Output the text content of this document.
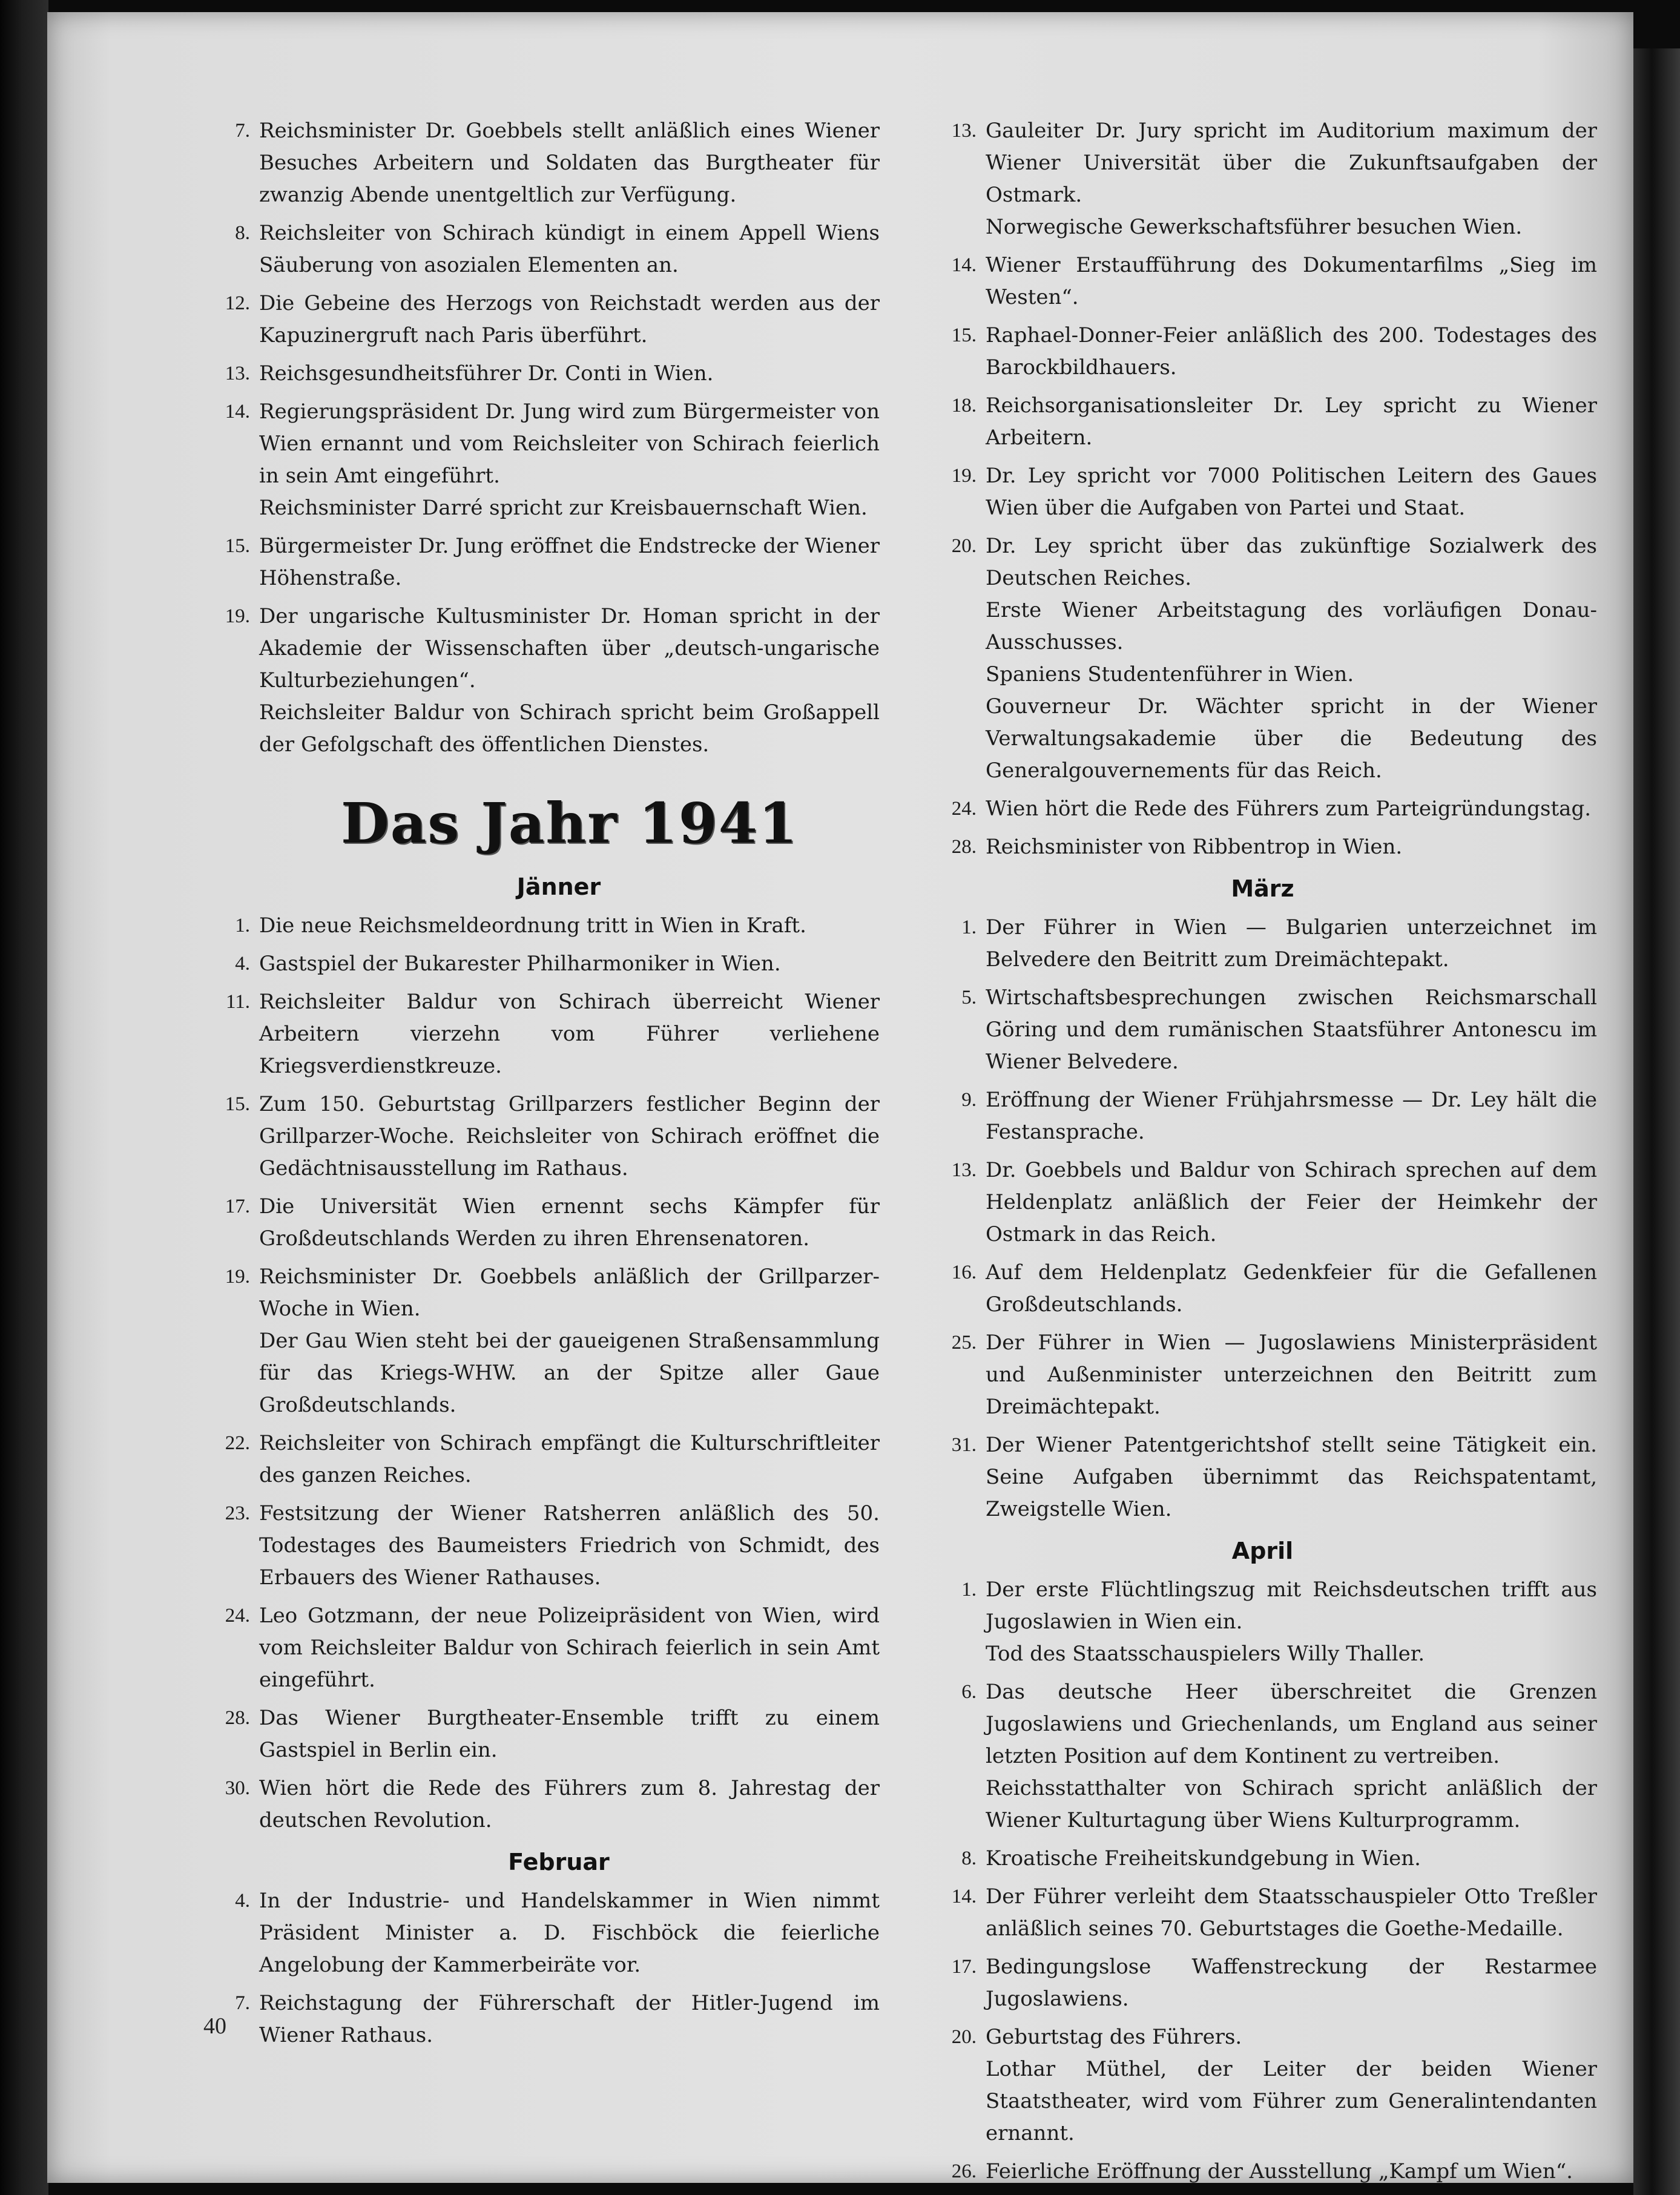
7. Reichsminister Dr. Goebbels stellt anläßlich eines Wiener Besuches Arbeitern und Soldaten das Burgtheater für zwanzig Abende unentgeltlich zur Verfügung.
8. Reichsleiter von Schirach kündigt in einem Appell Wiens Säuberung von asozialen Elementen an.
12. Die Gebeine des Herzogs von Reichstadt werden aus der Kapuzinergruft nach Paris überführt.
13. Reichsgesundheitsführer Dr. Conti in Wien.
14. Regierungspräsident Dr. Jung wird zum Bürgermeister von Wien ernannt und vom Reichsleiter von Schirach feierlich in sein Amt eingeführt.
Reichsminister Darré spricht zur Kreisbauernschaft Wien.
15. Bürgermeister Dr. Jung eröffnet die Endstrecke der Wiener Höhenstraße.
19. Der ungarische Kultusminister Dr. Homan spricht in der Akademie der Wissenschaften über „deutsch-ungarische Kulturbeziehungen“.
Reichsleiter Baldur von Schirach spricht beim Großappell der Gefolgschaft des öffentlichen Dienstes.
Das Jahr 1941
Jänner
1. Die neue Reichsmeldeordnung tritt in Wien in Kraft.
4. Gastspiel der Bukarester Philharmoniker in Wien.
11. Reichsleiter Baldur von Schirach überreicht Wiener Arbeitern vierzehn vom Führer verliehene Kriegsverdienstkreuze.
15. Zum 150. Geburtstag Grillparzers festlicher Beginn der Grillparzer-Woche. Reichsleiter von Schirach eröffnet die Gedächtnisausstellung im Rathaus.
17. Die Universität Wien ernennt sechs Kämpfer für Großdeutschlands Werden zu ihren Ehrensenatoren.
19. Reichsminister Dr. Goebbels anläßlich der Grillparzer-Woche in Wien.
Der Gau Wien steht bei der gaueigenen Straßensammlung für das Kriegs-WHW. an der Spitze aller Gaue Großdeutschlands.
22. Reichsleiter von Schirach empfängt die Kulturschriftleiter des ganzen Reiches.
23. Festsitzung der Wiener Ratsherren anläßlich des 50. Todestages des Baumeisters Friedrich von Schmidt, des Erbauers des Wiener Rathauses.
24. Leo Gotzmann, der neue Polizeipräsident von Wien, wird vom Reichsleiter Baldur von Schirach feierlich in sein Amt eingeführt.
28. Das Wiener Burgtheater-Ensemble trifft zu einem Gastspiel in Berlin ein.
30. Wien hört die Rede des Führers zum 8. Jahrestag der deutschen Revolution.
Februar
4. In der Industrie- und Handelskammer in Wien nimmt Präsident Minister a. D. Fischböck die feierliche Angelobung der Kammerbeiräte vor.
7. Reichstagung der Führerschaft der Hitler-Jugend im Wiener Rathaus.
13. Gauleiter Dr. Jury spricht im Auditorium maximum der Wiener Universität über die Zukunftsaufgaben der Ostmark.
Norwegische Gewerkschaftsführer besuchen Wien.
14. Wiener Erstaufführung des Dokumentarfilms „Sieg im Westen“.
15. Raphael-Donner-Feier anläßlich des 200. Todestages des Barockbildhauers.
18. Reichsorganisationsleiter Dr. Ley spricht zu Wiener Arbeitern.
19. Dr. Ley spricht vor 7000 Politischen Leitern des Gaues Wien über die Aufgaben von Partei und Staat.
20. Dr. Ley spricht über das zukünftige Sozialwerk des Deutschen Reiches.
Erste Wiener Arbeitstagung des vorläufigen Donau-Ausschusses.
Spaniens Studentenführer in Wien.
Gouverneur Dr. Wächter spricht in der Wiener Verwaltungsakademie über die Bedeutung des Generalgouvernements für das Reich.
24. Wien hört die Rede des Führers zum Parteigründungstag.
28. Reichsminister von Ribbentrop in Wien.
März
1. Der Führer in Wien — Bulgarien unterzeichnet im Belvedere den Beitritt zum Dreimächtepakt.
5. Wirtschaftsbesprechungen zwischen Reichsmarschall Göring und dem rumänischen Staatsführer Antonescu im Wiener Belvedere.
9. Eröffnung der Wiener Frühjahrsmesse — Dr. Ley hält die Festansprache.
13. Dr. Goebbels und Baldur von Schirach sprechen auf dem Heldenplatz anläßlich der Feier der Heimkehr der Ostmark in das Reich.
16. Auf dem Heldenplatz Gedenkfeier für die Gefallenen Großdeutschlands.
25. Der Führer in Wien — Jugoslawiens Ministerpräsident und Außenminister unterzeichnen den Beitritt zum Dreimächtepakt.
31. Der Wiener Patentgerichtshof stellt seine Tätigkeit ein. Seine Aufgaben übernimmt das Reichspatentamt, Zweigstelle Wien.
April
1. Der erste Flüchtlingszug mit Reichsdeutschen trifft aus Jugoslawien in Wien ein.
Tod des Staatsschauspielers Willy Thaller.
6. Das deutsche Heer überschreitet die Grenzen Jugoslawiens und Griechenlands, um England aus seiner letzten Position auf dem Kontinent zu vertreiben.
Reichsstatthalter von Schirach spricht anläßlich der Wiener Kulturtagung über Wiens Kulturprogramm.
8. Kroatische Freiheitskundgebung in Wien.
14. Der Führer verleiht dem Staatsschauspieler Otto Treßler anläßlich seines 70. Geburtstages die Goethe-Medaille.
17. Bedingungslose Waffenstreckung der Restarmee Jugoslawiens.
20. Geburtstag des Führers.
Lothar Müthel, der Leiter der beiden Wiener Staatstheater, wird vom Führer zum Generalintendanten ernannt.
26. Feierliche Eröffnung der Ausstellung „Kampf um Wien“.
40
